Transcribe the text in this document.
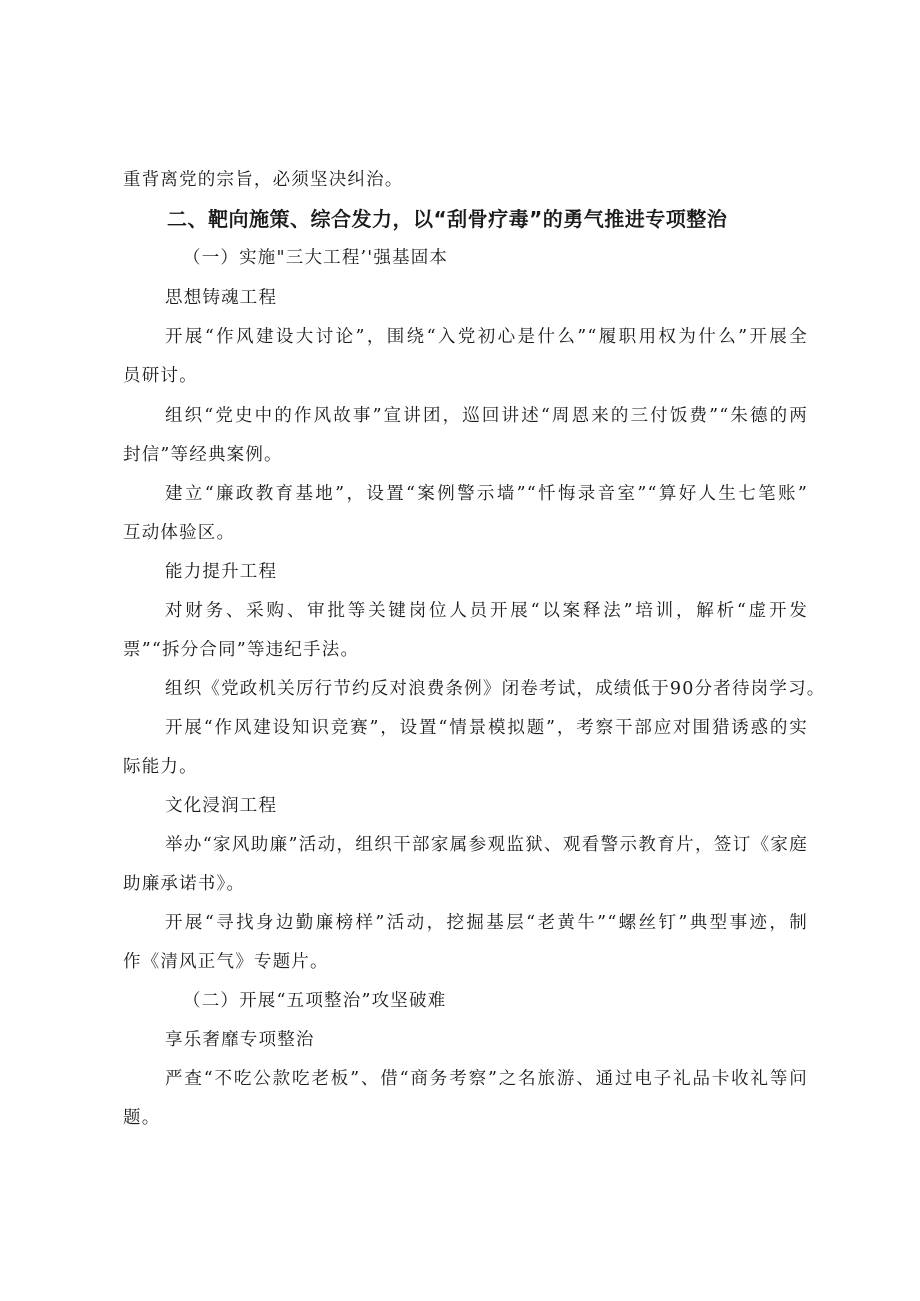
重背离党的宗旨，必须坚决纠治。
二、靶向施策、综合发力，以“刮骨疗毒”的勇气推进专项整治
（一）实施"三大工程’'强基固本
思想铸魂工程
开展“作风建设大讨论”，围绕“入党初心是什么”“履职用权为什么”开展全
员研讨。
组织“党史中的作风故事”宣讲团，巡回讲述“周恩来的三付饭费”“朱德的两
封信”等经典案例。
建立“廉政教育基地”，设置“案例警示墙”“忏悔录音室”“算好人生七笔账”
互动体验区。
能力提升工程
对财务、采购、审批等关键岗位人员开展“以案释法”培训，解析“虚开发
票”“拆分合同”等违纪手法。
组织《党政机关厉行节约反对浪费条例》闭卷考试，成绩低于90分者待岗学习。
开展“作风建设知识竞赛”，设置“情景模拟题”，考察干部应对围猎诱惑的实
际能力。
文化浸润工程
举办“家风助廉”活动，组织干部家属参观监狱、观看警示教育片，签订《家庭
助廉承诺书》。
开展“寻找身边勤廉榜样”活动，挖掘基层“老黄牛”“螺丝钉”典型事迹，制
作《清风正气》专题片。
（二）开展“五项整治”攻坚破难
享乐奢靡专项整治
严查“不吃公款吃老板”、借“商务考察”之名旅游、通过电子礼品卡收礼等问
题。
